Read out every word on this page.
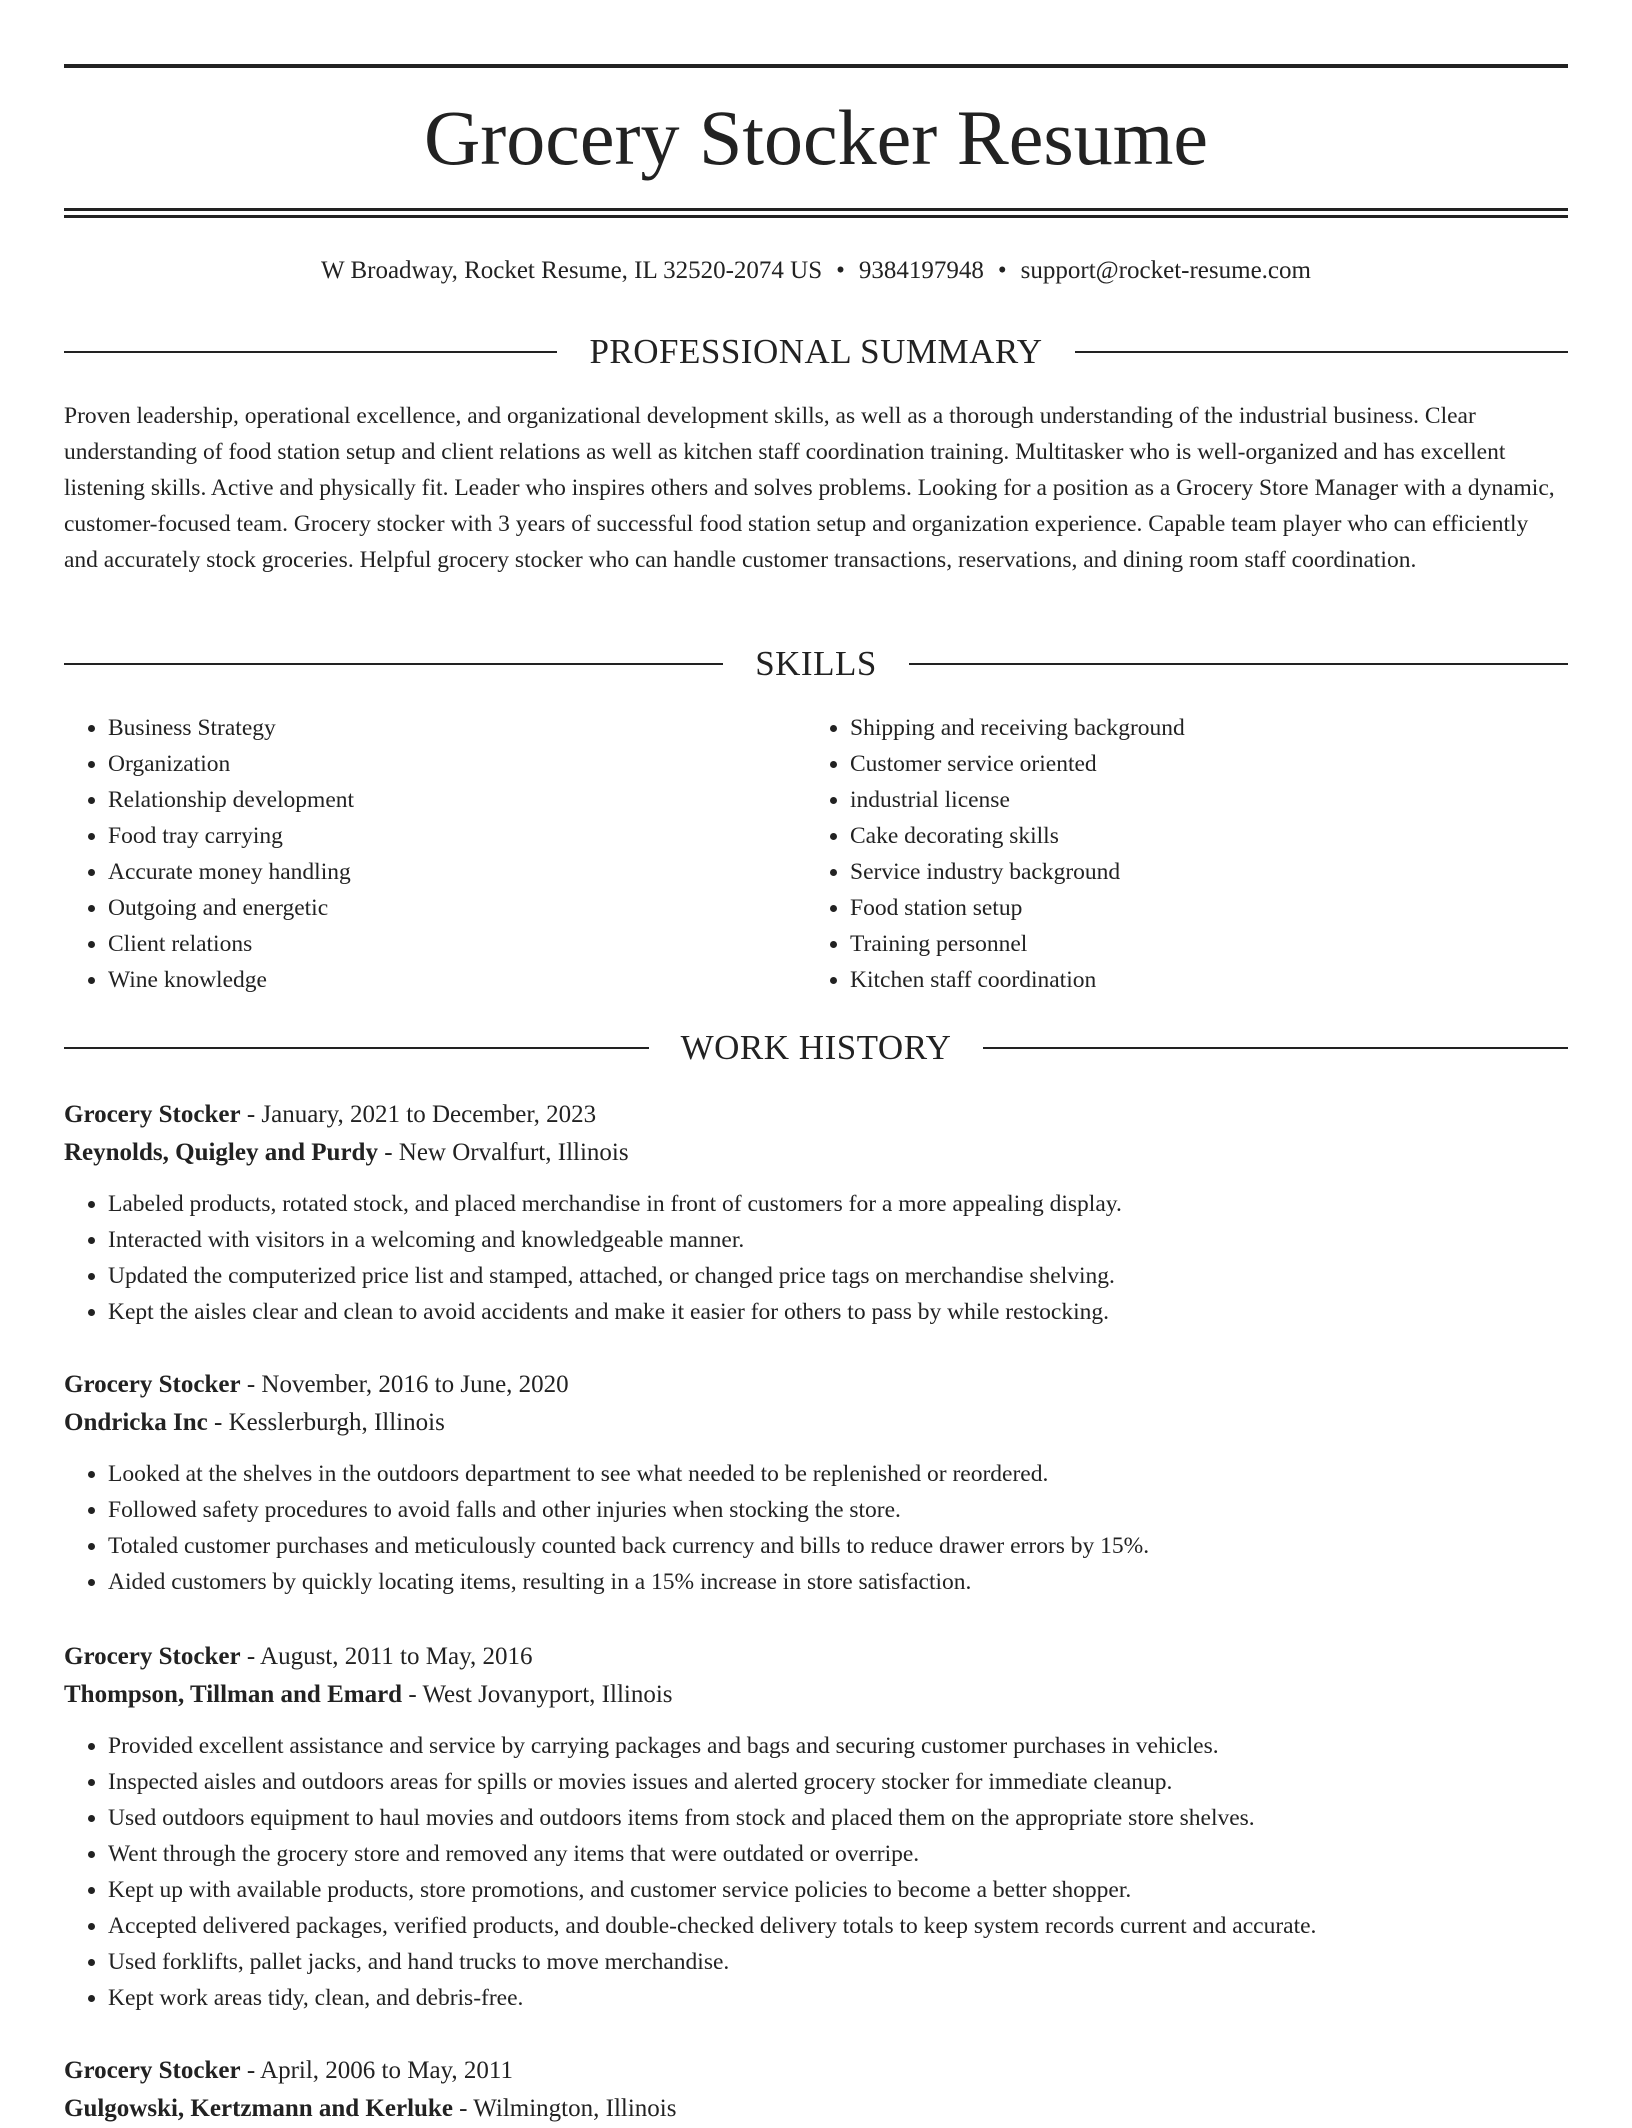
Grocery Stocker Resume
W Broadway, Rocket Resume, IL 32520-2074 US • 9384197948 • support@rocket-resume.com
PROFESSIONAL SUMMARY

Proven leadership, operational excellence, and organizational development skills, as well as a thorough understanding of the industrial business. Clear understanding of food station setup and client relations as well as kitchen staff coordination training. Multitasker who is well-organized and has excellent listening skills. Active and physically fit. Leader who inspires others and solves problems. Looking for a position as a Grocery Store Manager with a dynamic, customer-focused team. Grocery stocker with 3 years of successful food station setup and organization experience. Capable team player who can efficiently and accurately stock groceries. Helpful grocery stocker who can handle customer transactions, reservations, and dining room staff coordination.

SKILLS
• Business Strategy
• Organization
• Relationship development
• Food tray carrying
• Accurate money handling
• Outgoing and energetic
• Client relations
• Wine knowledge
• Shipping and receiving background
• Customer service oriented
• industrial license
• Cake decorating skills
• Service industry background
• Food station setup
• Training personnel
• Kitchen staff coordination
WORK HISTORY
Grocery Stocker - January, 2021 to December, 2023
Reynolds, Quigley and Purdy - New Orvalfurt, Illinois
• Labeled products, rotated stock, and placed merchandise in front of customers for a more appealing display.
• Interacted with visitors in a welcoming and knowledgeable manner.
• Updated the computerized price list and stamped, attached, or changed price tags on merchandise shelving.
• Kept the aisles clear and clean to avoid accidents and make it easier for others to pass by while restocking.
Grocery Stocker - November, 2016 to June, 2020
Ondricka Inc - Kesslerburgh, Illinois
• Looked at the shelves in the outdoors department to see what needed to be replenished or reordered.
• Followed safety procedures to avoid falls and other injuries when stocking the store.
• Totaled customer purchases and meticulously counted back currency and bills to reduce drawer errors by 15%.
• Aided customers by quickly locating items, resulting in a 15% increase in store satisfaction.
Grocery Stocker - August, 2011 to May, 2016
Thompson, Tillman and Emard - West Jovanyport, Illinois
• Provided excellent assistance and service by carrying packages and bags and securing customer purchases in vehicles.
• Inspected aisles and outdoors areas for spills or movies issues and alerted grocery stocker for immediate cleanup.
• Used outdoors equipment to haul movies and outdoors items from stock and placed them on the appropriate store shelves.
• Went through the grocery store and removed any items that were outdated or overripe.
• Kept up with available products, store promotions, and customer service policies to become a better shopper.
• Accepted delivered packages, verified products, and double-checked delivery totals to keep system records current and accurate.
• Used forklifts, pallet jacks, and hand trucks to move merchandise.
• Kept work areas tidy, clean, and debris-free.
Grocery Stocker - April, 2006 to May, 2011
Gulgowski, Kertzmann and Kerluke - Wilmington, Illinois
